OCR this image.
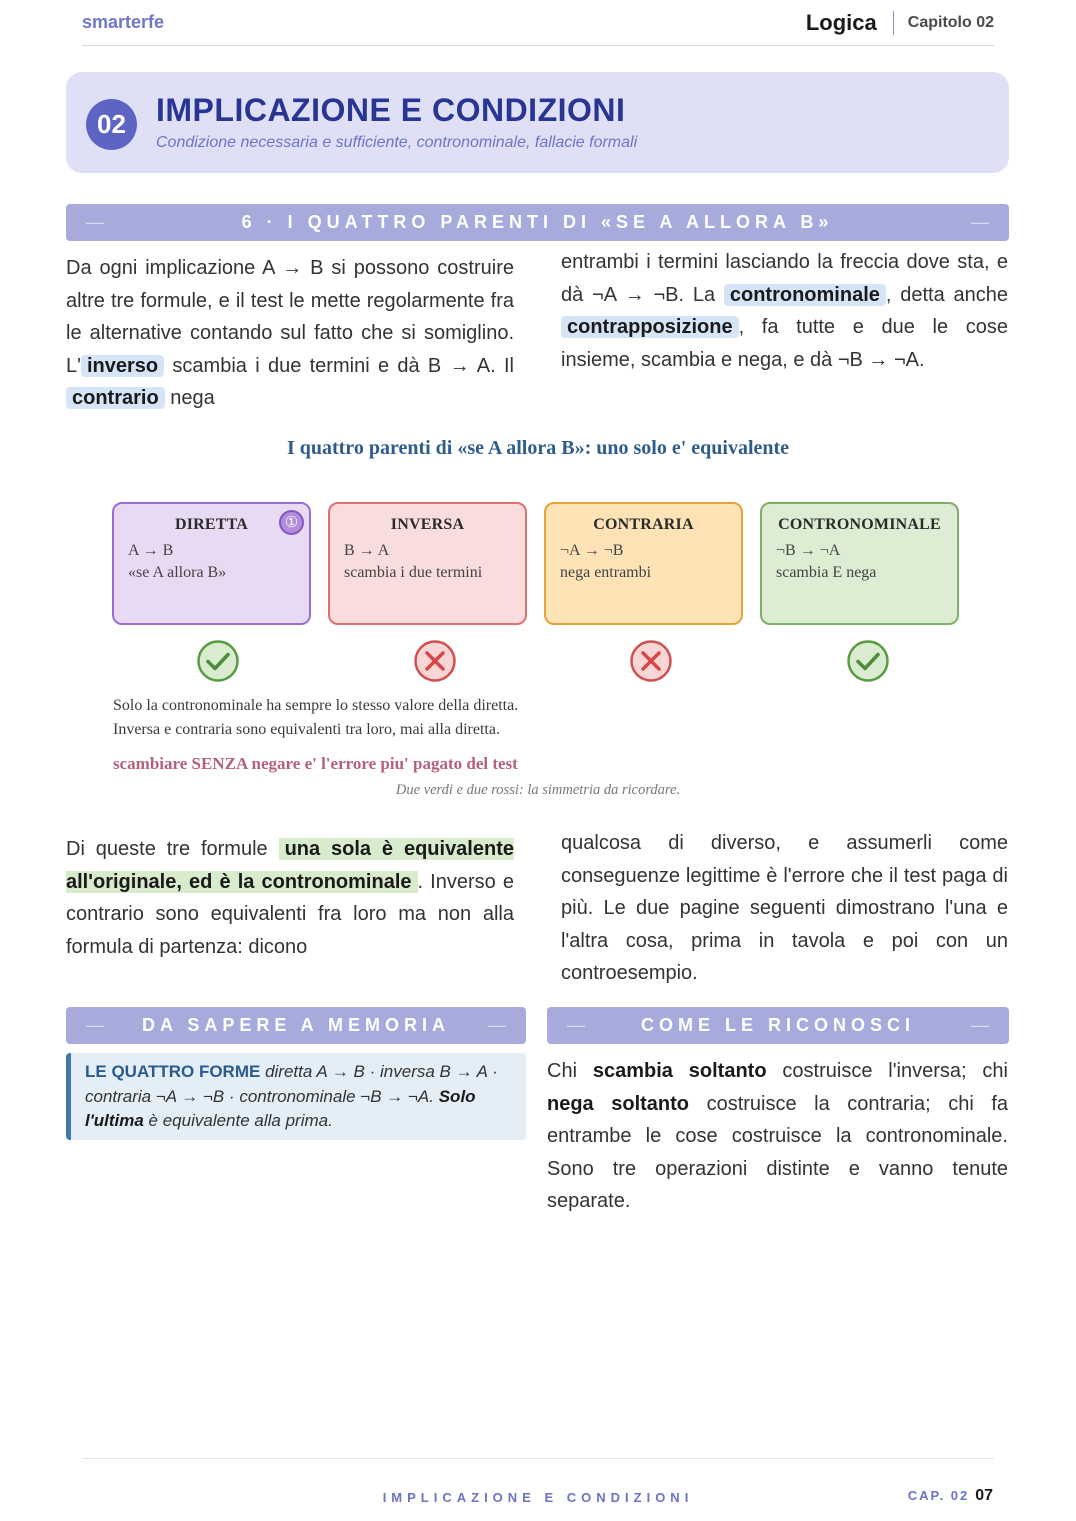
smarterfe	Logica	Capitolo 02
02 IMPLICAZIONE E CONDIZIONI
Condizione necessaria e sufficiente, contronominale, fallacie formali
—	6 · I QUATTRO PARENTI DI «SE A ALLORA B»	—
Da ogni implicazione A → B si possono costruire altre tre formule, e il test le mette regolarmente fra le alternative contando sul fatto che si somiglino. L' inverso scambia i due termini e dà B → A. Il contrario nega
entrambi i termini lasciando la freccia dove sta, e dà ¬A → ¬B. La contronominale , detta anche contrapposizione , fa tutte e due le cose insieme, scambia e nega, e dà ¬B → ¬A.
I quattro parenti di «se A allora B»: uno solo e' equivalente
DIRETTA
A → B
«se A allora B»
①	INVERSA
B → A
scambia i due termini
CONTRARIA
¬A → ¬B
nega entrambi
CONTRONOMINALE
¬B → ¬A
scambia E nega
Solo la contronominale ha sempre lo stesso valore della diretta.
Inversa e contraria sono equivalenti tra loro, mai alla diretta.
scambiare SENZA negare e' l'errore piu' pagato del test
Due verdi e due rossi: la simmetria da ricordare.
Di queste tre formule una sola è equivalente all'originale, ed è la contronominale . Inverso e contrario sono equivalenti fra loro ma non alla formula di partenza: dicono
qualcosa di diverso, e assumerli come conseguenze legittime è l'errore che il test paga di più. Le due pagine seguenti dimostrano l'una e l'altra cosa, prima in tavola e poi con un controesempio.
— DA SAPERE A MEMORIA —
LE QUATTRO FORME diretta A → B · inversa B → A · contraria ¬A → ¬B · contronominale ¬B → ¬A. Solo l'ultima è equivalente alla prima.
—	COME LE RICONOSCI	—
Chi scambia soltanto costruisce l'inversa; chi nega soltanto costruisce la contraria; chi fa entrambe le cose costruisce la contronominale. Sono tre operazioni distinte e vanno tenute separate.
IMPLICAZIONE E CONDIZIONI	CAP. 02 07
